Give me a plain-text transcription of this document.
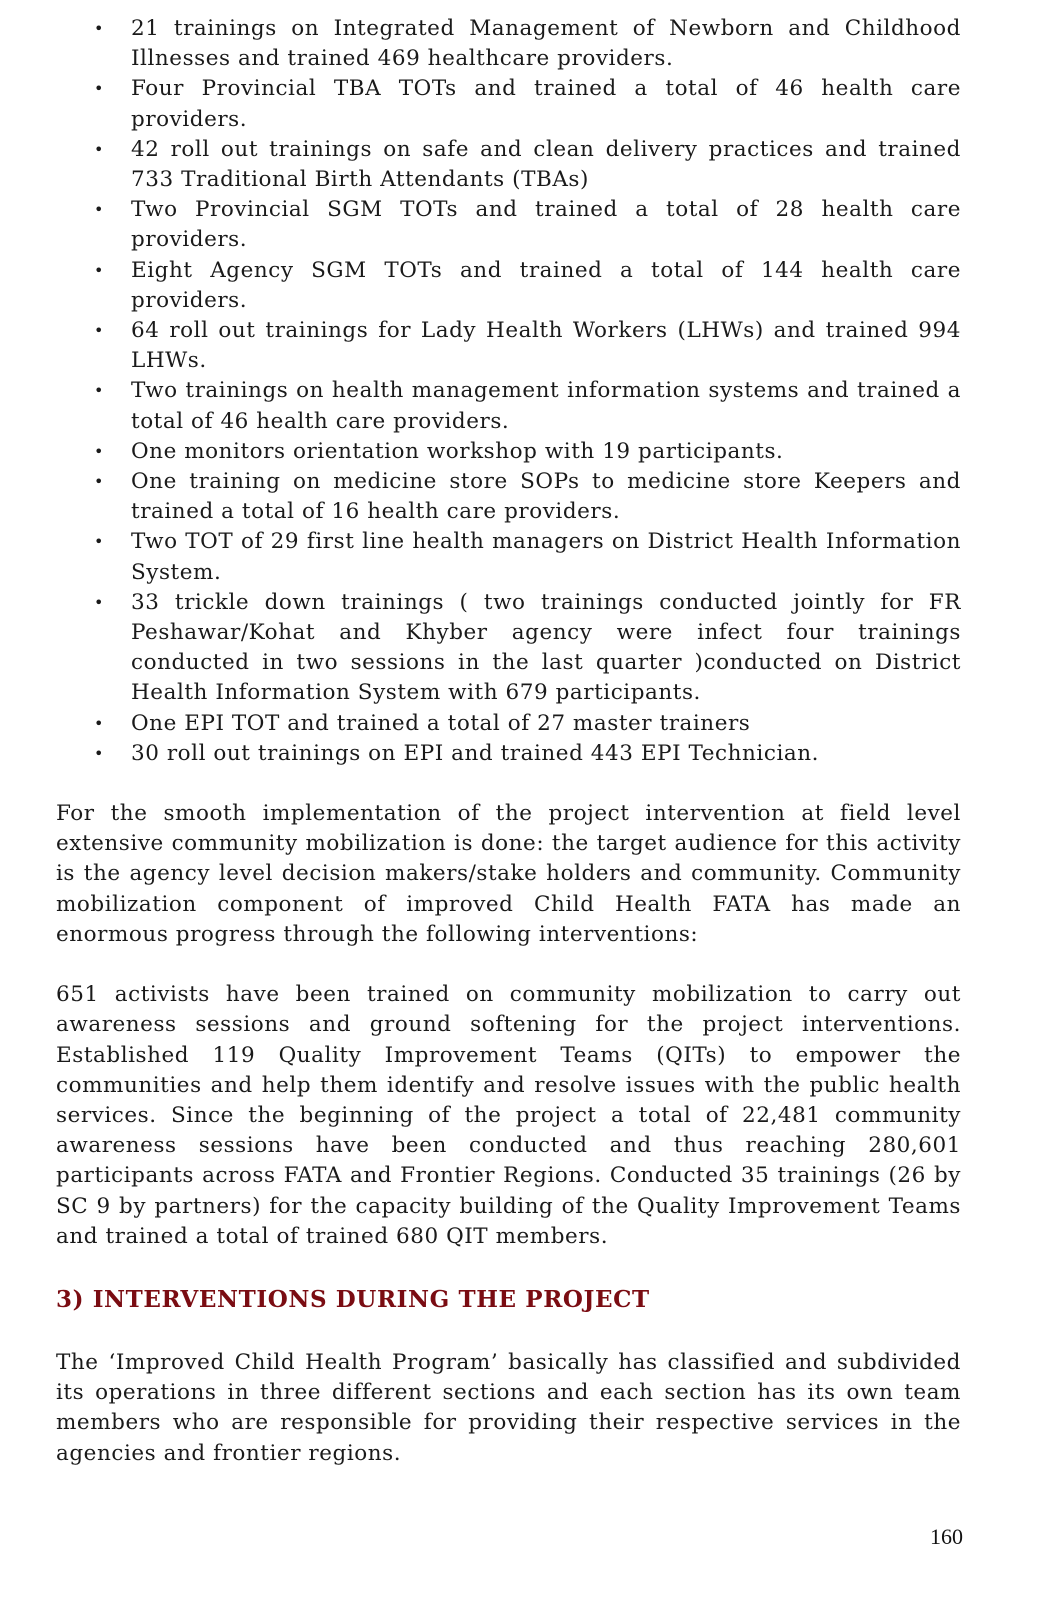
• 21 trainings on Integrated Management of Newborn and Childhood Illnesses and trained 469 healthcare providers.
• Four Provincial TBA TOTs and trained a total of 46 health care providers.
• 42 roll out trainings on safe and clean delivery practices and trained 733 Traditional Birth Attendants (TBAs)
• Two Provincial SGM TOTs and trained a total of 28 health care providers.
• Eight Agency SGM TOTs and trained a total of 144 health care providers.
• 64 roll out trainings for Lady Health Workers (LHWs) and trained 994 LHWs.
• Two trainings on health management information systems and trained a total of 46 health care providers.
• One monitors orientation workshop with 19 participants.
• One training on medicine store SOPs to medicine store Keepers and trained a total of 16 health care providers.
• Two TOT of 29 first line health managers on District Health Information System.
• 33 trickle down trainings ( two trainings conducted jointly for FR Peshawar/Kohat and Khyber agency were infect four trainings conducted in two sessions in the last quarter )conducted on District Health Information System with 679 participants.
• One EPI TOT and trained a total of 27 master trainers
• 30 roll out trainings on EPI and trained 443 EPI Technician.

For the smooth implementation of the project intervention at field level extensive community mobilization is done: the target audience for this activity is the agency level decision makers/stake holders and community. Community mobilization component of improved Child Health FATA has made an enormous progress through the following interventions:

651 activists have been trained on community mobilization to carry out awareness sessions and ground softening for the project interventions. Established 119 Quality Improvement Teams (QITs) to empower the communities and help them identify and resolve issues with the public health services. Since the beginning of the project a total of 22,481 community awareness sessions have been conducted and thus reaching 280,601 participants across FATA and Frontier Regions. Conducted 35 trainings (26 by SC 9 by partners) for the capacity building of the Quality Improvement Teams and trained a total of trained 680 QIT members.

3) INTERVENTIONS DURING THE PROJECT

The ‘Improved Child Health Program’ basically has classified and subdivided its operations in three different sections and each section has its own team members who are responsible for providing their respective services in the agencies and frontier regions.

160
